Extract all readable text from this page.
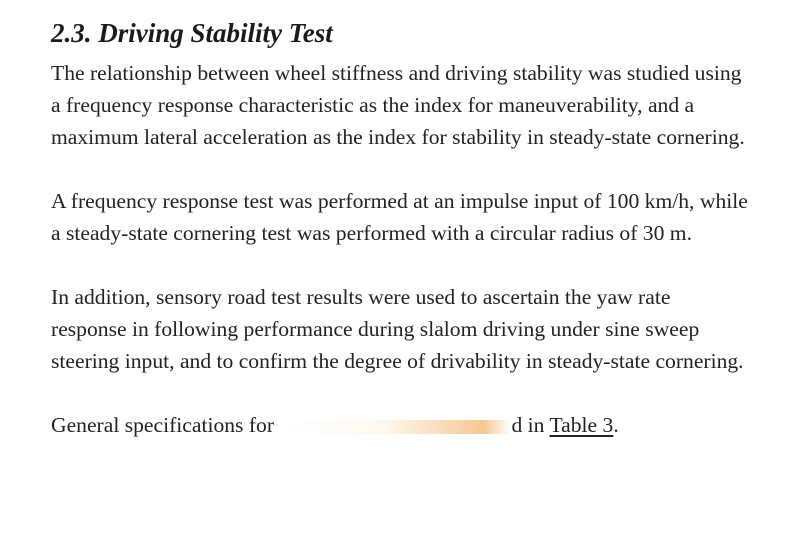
2.3. Driving Stability Test

The relationship between wheel stiffness and driving stability was studied using a frequency response characteristic as the index for maneuverability, and a maximum lateral acceleration as the index for stability in steady-state cornering.

A frequency response test was performed at an impulse input of 100 km/h, while a steady-state cornering test was performed with a circular radius of 30 m.

In addition, sensory road test results were used to ascertain the yaw rate response in following performance during slalom driving under sine sweep steering input, and to confirm the degree of drivability in steady-state cornering.

General specifications for	d in Table 3.
